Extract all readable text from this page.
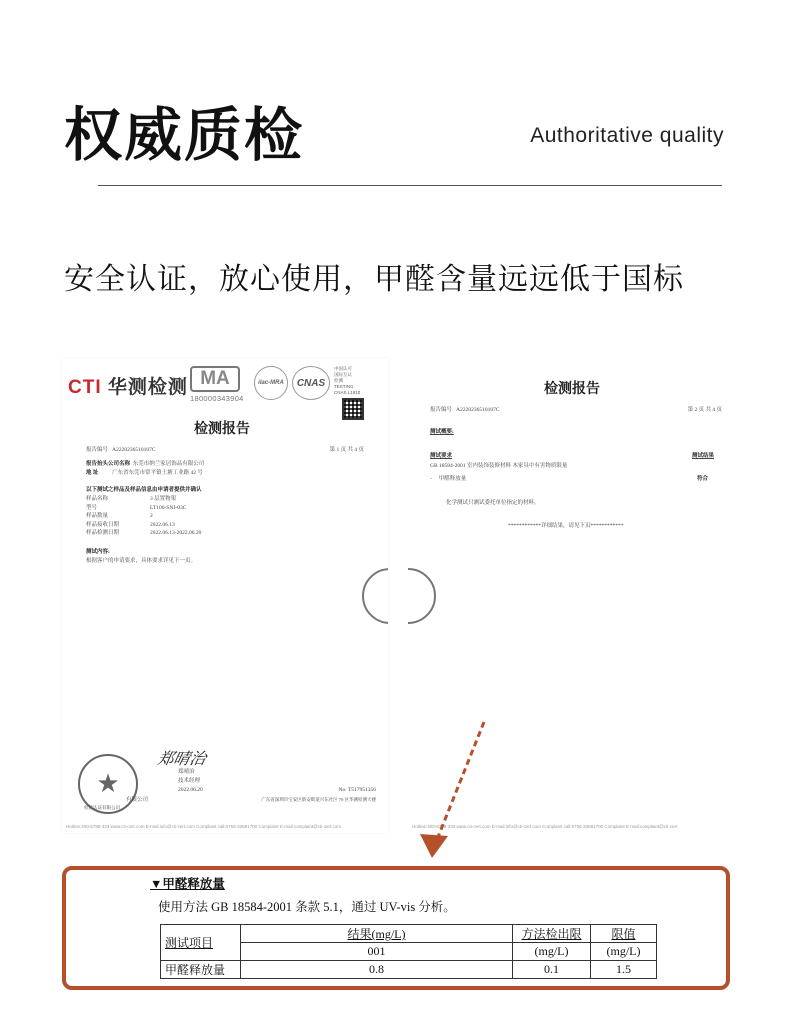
权威质检	Authoritative quality
安全认证，放心使用，甲醛含量远远低于国标
CTI 华测检测 MA
180000343904
ilac-MRA	CNAS
中国认可
国际互认
检测
TESTING
CNAS L1910
检测报告
报告编号 A2220236510107C	第 1 页 共 4 页
报告抬头公司名称 东莞市纳兰家居饰品有限公司
地 址	广东省东莞市常平镇土塘工业路 42 号
以下测试之样品及样品信息由申请者提供并确认
样品名称	3 层置物架
型号	LT100-SNJ-03C
样品数量	2
样品接收日期	2022.06.13
样品检测日期	2022.06.13-2022.06.20
测试内容:
根据客户的申请要求，具体要求详见下一页。
★
郑晴治
郑晴治
技术经理
2022.06.20	No. T517951356
有限公司	广东省深圳市宝安区新安街道兴东社区 70 区华测检测大楼
检验认证有限公司
Hotline:400-6788-333 www.cti-cert.com E-mail:info@cti-cert.com Complaint call:0755-33681700 Complaint E-mail:complaint@cti-cert.com
检测报告
报告编号 A2220236510107C	第 2 页 共 4 页
测试概要:
测试要求	测试结果
GB 18584-2001 室内装饰装修材料 木家具中有害物质限量
-     甲醛释放量	符合
化学测试只测试委托单位指定的材料。
************详细结果，请见下页************
Hotline:400-6788-333 www.cti-cert.com E-mail:info@cti-cert.com Complaint call:0755-33681700 Complaint E-mail:complaint@cti-cert
▼甲醛释放量
使用方法 GB 18584-2001 条款 5.1，通过 UV-vis 分析。
测试项目	结果(mg/L)	方法检出限	限值
	001	(mg/L)	(mg/L)
甲醛释放量	0.8	0.1	1.5
